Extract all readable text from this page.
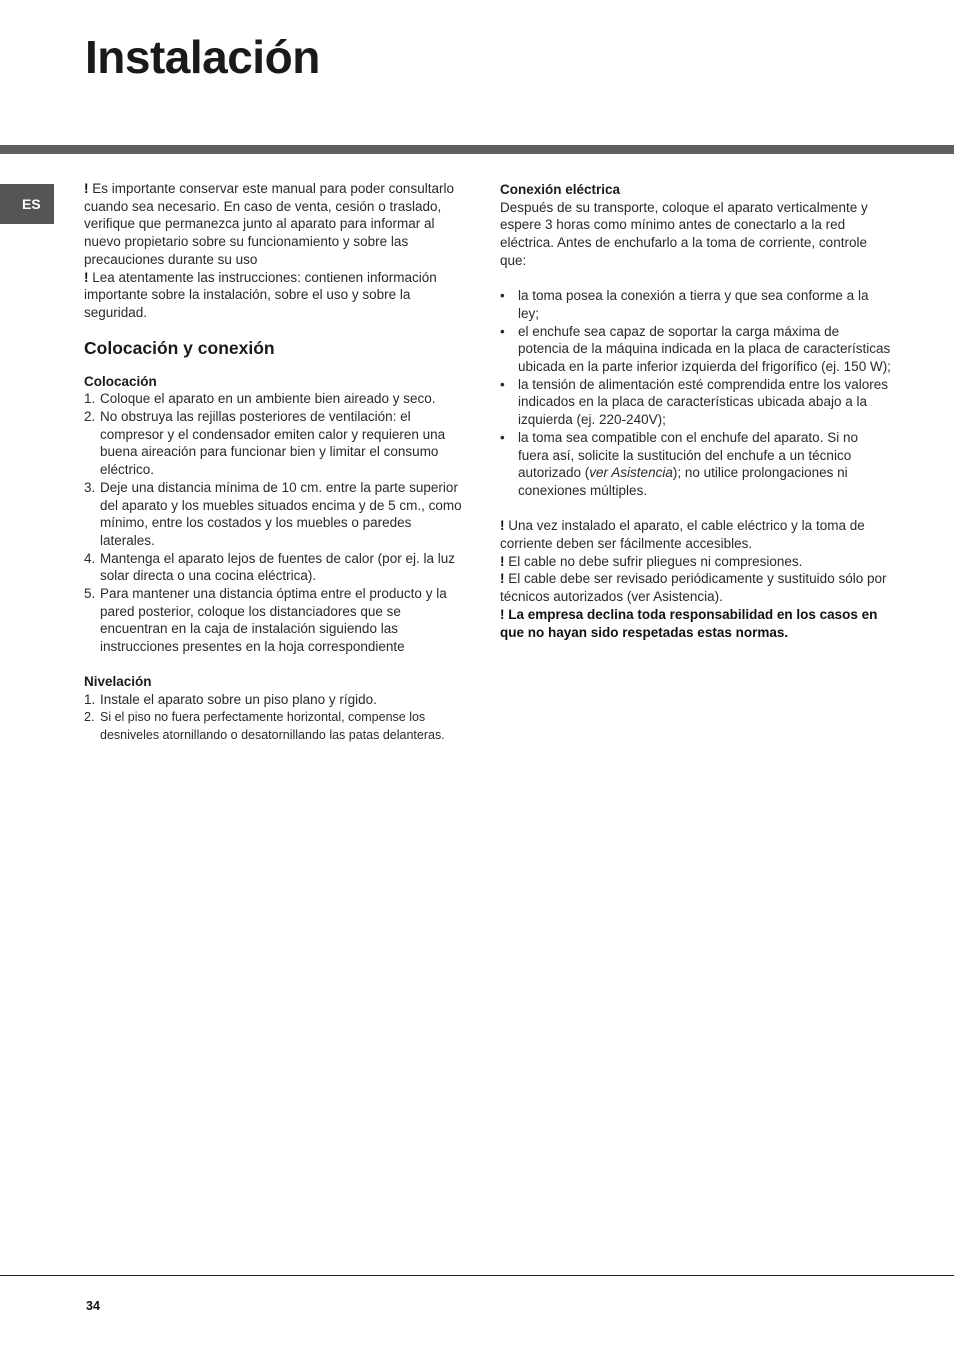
Instalación
ES

! Es importante conservar este manual para poder consultarlo cuando sea necesario. En caso de venta, cesión o traslado, verifique que permanezca junto al aparato para informar al nuevo propietario sobre su funcionamiento y sobre las precauciones durante su uso

! Lea atentamente las instrucciones: contienen información importante sobre la instalación, sobre el uso y sobre la seguridad.

Colocación y conexión

Colocación

1. Coloque el aparato en un ambiente bien aireado y seco.
2. No obstruya las rejillas posteriores de ventilación: el compresor y el condensador emiten calor y requieren una buena aireación para funcionar bien y limitar el consumo eléctrico.
3. Deje una distancia mínima de 10 cm. entre la parte superior del aparato y los muebles situados encima y de 5 cm., como mínimo, entre los costados y los muebles o paredes laterales.
4. Mantenga el aparato lejos de fuentes de calor (por ej. la luz solar directa o una cocina eléctrica).
5. Para mantener una distancia óptima entre el producto y la pared posterior, coloque los distanciadores que se encuentran en la caja de instalación siguiendo las instrucciones presentes en la hoja correspondiente

Nivelación

1. Instale el aparato sobre un piso plano y rígido.
2. Si el piso no fuera perfectamente horizontal, compense los desniveles atornillando o desatornillando las patas delanteras.

Conexión eléctrica

Después de su transporte, coloque el aparato verticalmente y espere 3 horas como mínimo antes de conectarlo a la red eléctrica. Antes de enchufarlo a la toma de corriente, controle que:

• la toma posea la conexión a tierra y que sea conforme a la ley;
• el enchufe sea capaz de soportar la carga máxima de potencia de la máquina indicada en la placa de características ubicada en la parte inferior izquierda del frigorífico (ej. 150 W);
• la tensión de alimentación esté comprendida entre los valores indicados en la placa de características ubicada abajo a la izquierda (ej. 220-240V);
• la toma sea compatible con el enchufe del aparato. Si no fuera así, solicite la sustitución del enchufe a un técnico autorizado (ver Asistencia); no utilice prolongaciones ni conexiones múltiples.

! Una vez instalado el aparato, el cable eléctrico y la toma de corriente deben ser fácilmente accesibles.

! El cable no debe sufrir pliegues ni compresiones.

! El cable debe ser revisado periódicamente y sustituido sólo por técnicos autorizados (ver Asistencia).

! La empresa declina toda responsabilidad en los casos en que no hayan sido respetadas estas normas.

34
